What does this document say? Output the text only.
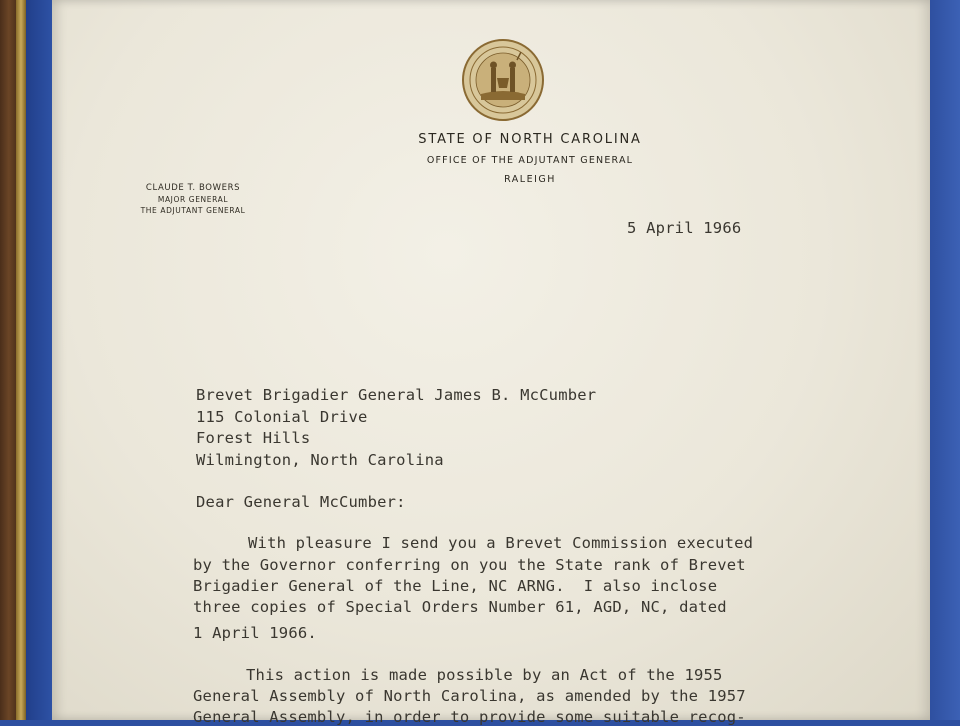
STATE OF NORTH CAROLINA
OFFICE OF THE ADJUTANT GENERAL
RALEIGH
CLAUDE T. BOWERS
MAJOR GENERAL
THE ADJUTANT GENERAL
5 April 1966
Brevet Brigadier General James B. McCumber
115 Colonial Drive
Forest Hills
Wilmington, North Carolina
Dear General McCumber:
With pleasure I send you a Brevet Commission executed
by the Governor conferring on you the State rank of Brevet
Brigadier General of the Line, NC ARNG.  I also inclose
three copies of Special Orders Number 61, AGD, NC, dated
1 April 1966.
This action is made possible by an Act of the 1955
General Assembly of North Carolina, as amended by the 1957
General Assembly, in order to provide some suitable recog-
